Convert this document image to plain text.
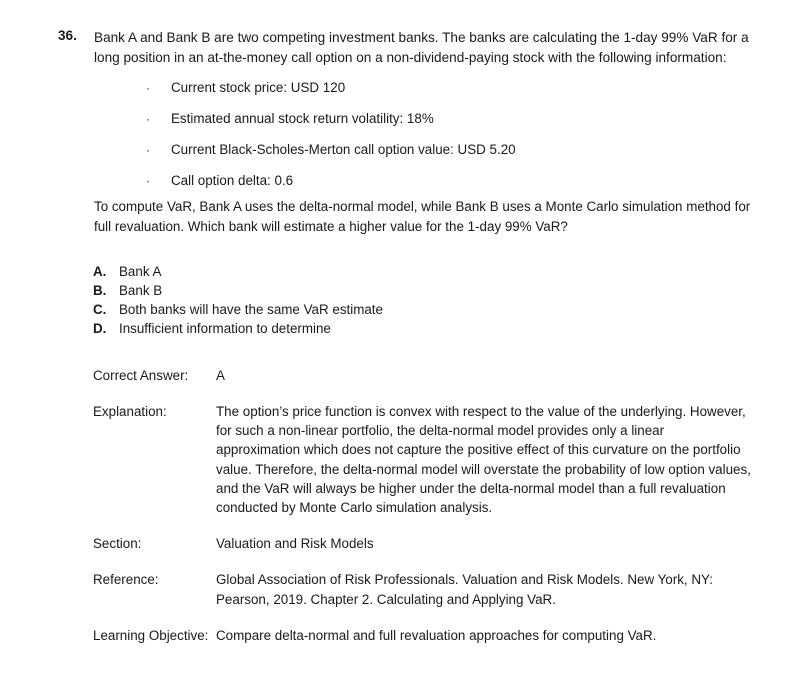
36. Bank A and Bank B are two competing investment banks. The banks are calculating the 1-day 99% VaR for a long position in an at-the-money call option on a non-dividend-paying stock with the following information:
· Current stock price: USD 120
· Estimated annual stock return volatility: 18%
· Current Black-Scholes-Merton call option value: USD 5.20
· Call option delta: 0.6
To compute VaR, Bank A uses the delta-normal model, while Bank B uses a Monte Carlo simulation method for full revaluation. Which bank will estimate a higher value for the 1-day 99% VaR?
A. Bank A
B. Bank B
C. Both banks will have the same VaR estimate
D. Insufficient information to determine
Correct Answer: A
Explanation:	The option’s price function is convex with respect to the value of the underlying. However, for such a non-linear portfolio, the delta-normal model provides only a linear approximation which does not capture the positive effect of this curvature on the portfolio value. Therefore, the delta-normal model will overstate the probability of low option values, and the VaR will always be higher under the delta-normal model than a full revaluation conducted by Monte Carlo simulation analysis.
Section:	Valuation and Risk Models
Reference:	Global Association of Risk Professionals. Valuation and Risk Models. New York, NY: Pearson, 2019. Chapter 2. Calculating and Applying VaR.
Learning Objective: Compare delta-normal and full revaluation approaches for computing VaR.
